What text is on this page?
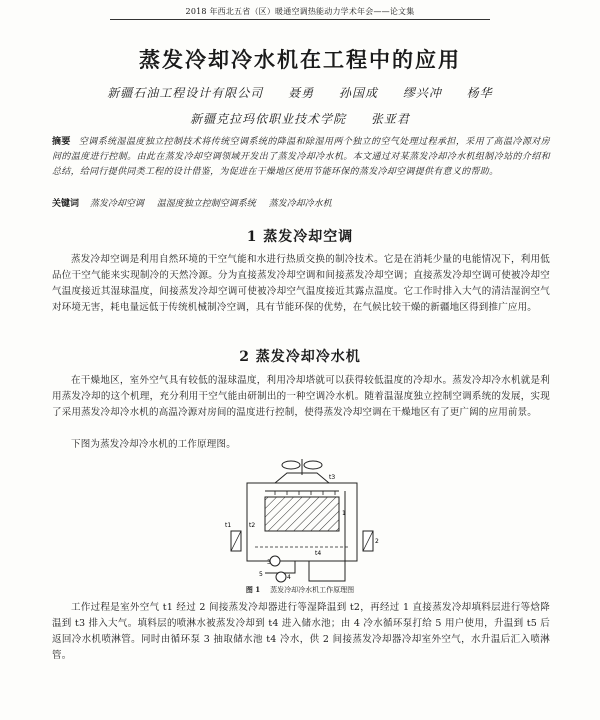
2018 年西北五省（区）暖通空调热能动力学术年会——论文集
蒸发冷却冷水机在工程中的应用
新疆石油工程设计有限公司 聂勇 孙国成 缪兴冲 杨华
新疆克拉玛依职业技术学院 张亚君
摘要 空调系统湿温度独立控制技术将传统空调系统的降温和除湿用两个独立的空气处理过程承担，采用了高温冷源对房间的温度进行控制。由此在蒸发冷却空调领域开发出了蒸发冷却冷水机。本文通过对某蒸发冷却冷水机组制冷站的介绍和总结，给同行提供同类工程的设计借鉴，为促进在干燥地区使用节能环保的蒸发冷却空调提供有意义的帮助。
关键词 蒸发冷却空调 温湿度独立控制空调系统 蒸发冷却冷水机
1 蒸发冷却空调
蒸发冷却空调是利用自然环境的干空气能和水进行热质交换的制冷技术。它是在消耗少量的电能情况下，利用低品位干空气能来实现制冷的天然冷源。分为直接蒸发冷却空调和间接蒸发冷却空调；直接蒸发冷却空调可使被冷却空气温度接近其湿球温度，间接蒸发冷却空调可使被冷却空气温度接近其露点温度。它工作时排入大气的清洁湿润空气对环境无害，耗电量远低于传统机械制冷空调，具有节能环保的优势，在气候比较干燥的新疆地区得到推广应用。
2 蒸发冷却冷水机
在干燥地区，室外空气具有较低的湿球温度，利用冷却塔就可以获得较低温度的冷却水。蒸发冷却冷水机就是利用蒸发冷却的这个机理，充分利用干空气能由研制出的一种空调冷水机。随着温湿度独立控制空调系统的发展，实现了采用蒸发冷却冷水机的高温冷源对房间的温度进行控制，使得蒸发冷却空调在干燥地区有了更广阔的应用前景。
下图为蒸发冷却冷水机的工作原理图。
t1	t2
t3
t4
1
2
3
4
5
图 1 蒸发冷却冷水机工作原理图
工作过程是室外空气 t1 经过 2 间接蒸发冷却器进行等湿降温到 t2，再经过 1 直接蒸发冷却填料层进行等焓降温到 t3 排入大气。填料层的喷淋水被蒸发冷却到 t4 进入储水池；由 4 冷水循环泵打给 5 用户使用，升温到 t5 后返回冷水机喷淋管。同时由循环泵 3 抽取储水池 t4 冷水，供 2 间接蒸发冷却器冷却室外空气，水升温后汇入喷淋管。
